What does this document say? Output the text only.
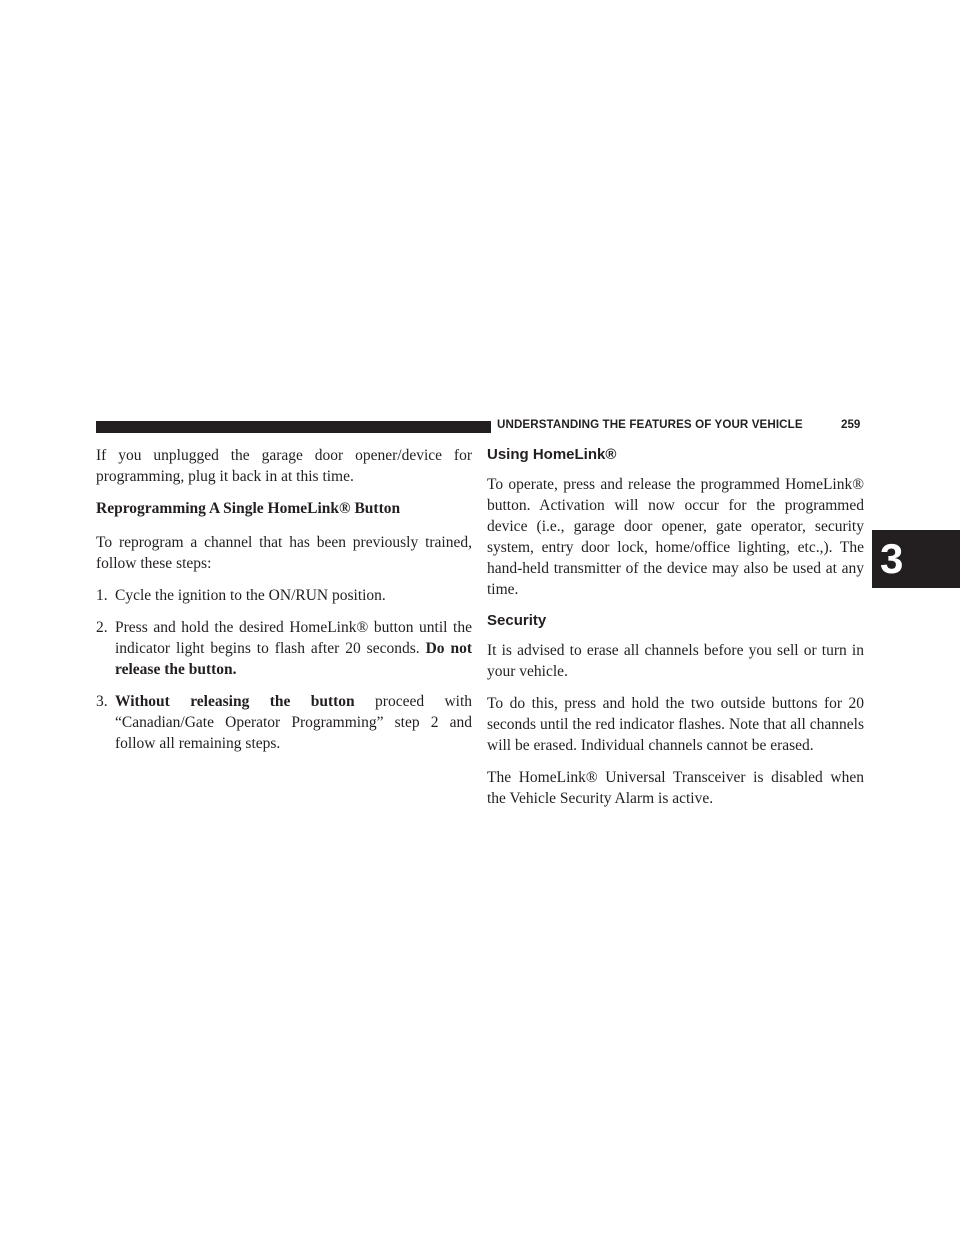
UNDERSTANDING THE FEATURES OF YOUR VEHICLE	259
3

If you unplugged the garage door opener/device for programming, plug it back in at this time.

Reprogramming A Single HomeLink® Button

To reprogram a channel that has been previously trained, follow these steps:

1. Cycle the ignition to the ON/RUN position.
2. Press and hold the desired HomeLink® button until the indicator light begins to flash after 20 seconds. Do not release the button.
3. Without releasing the button proceed with “Canadian/Gate Operator Programming” step 2 and follow all remaining steps.
Using HomeLink®

To operate, press and release the programmed HomeLink® button. Activation will now occur for the programmed device (i.e., garage door opener, gate operator, security system, entry door lock, home/office lighting, etc.,). The hand-held transmitter of the device may also be used at any time.

Security

It is advised to erase all channels before you sell or turn in your vehicle.

To do this, press and hold the two outside buttons for 20 seconds until the red indicator flashes. Note that all channels will be erased. Individual channels cannot be erased.

The HomeLink® Universal Transceiver is disabled when the Vehicle Security Alarm is active.
